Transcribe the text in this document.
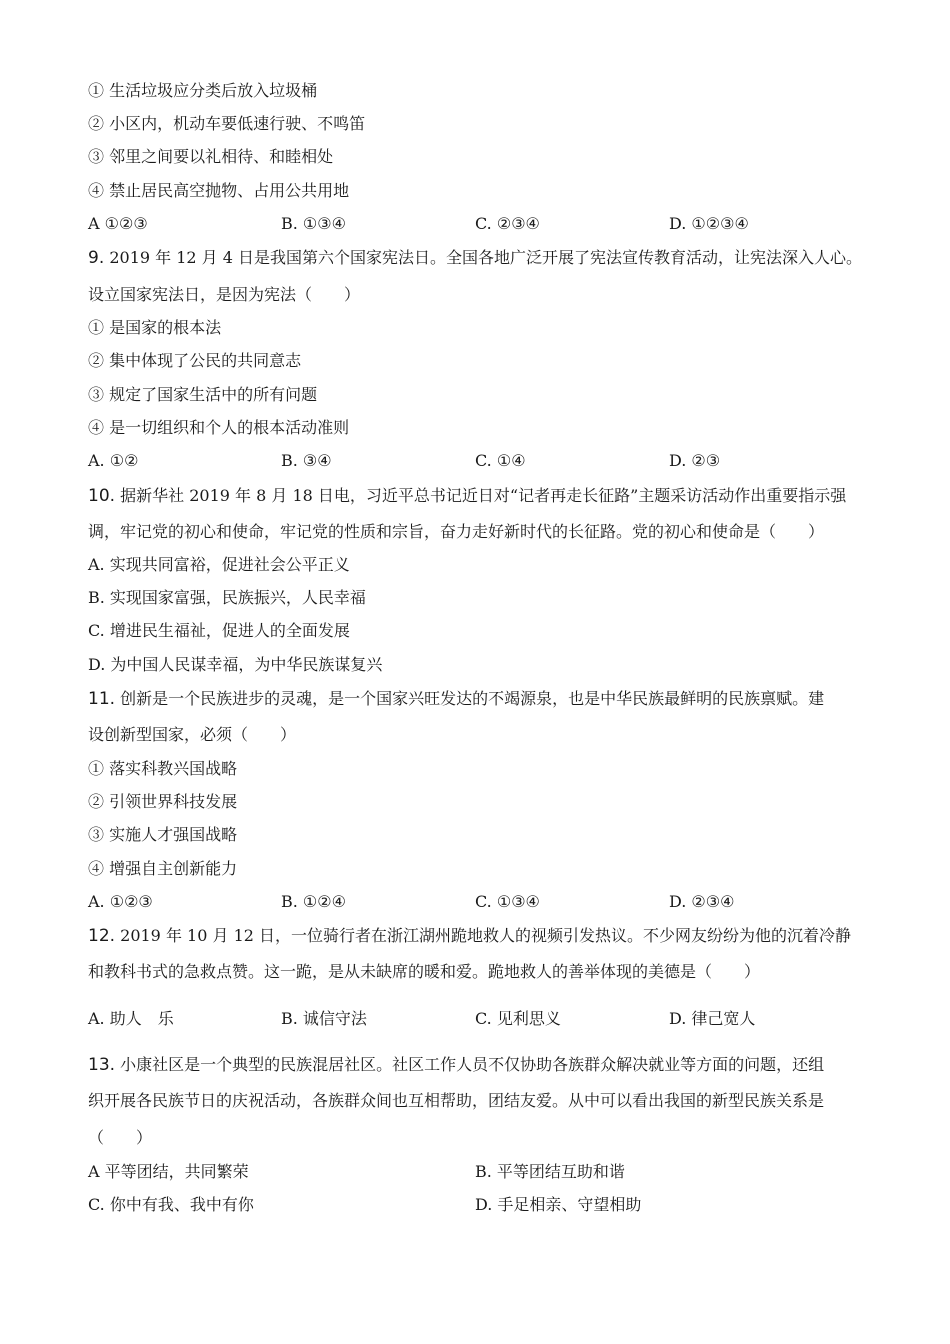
① 生活垃圾应分类后放入垃圾桶
② 小区内，机动车要低速行驶、不鸣笛
③ 邻里之间要以礼相待、和睦相处
④ 禁止居民高空抛物、占用公共用地
A ①②③	B. ①③④	C. ②③④	D. ①②③④
9. 2019 年 12 月 4 日是我国第六个国家宪法日。全国各地广泛开展了宪法宣传教育活动，让宪法深入人心。
设立国家宪法日，是因为宪法（　　）
① 是国家的根本法
② 集中体现了公民的共同意志
③ 规定了国家生活中的所有问题
④ 是一切组织和个人的根本活动准则
A. ①②	B. ③④	C. ①④	D. ②③
10. 据新华社 2019 年 8 月 18 日电，习近平总书记近日对“记者再走长征路”主题采访活动作出重要指示强
调，牢记党的初心和使命，牢记党的性质和宗旨，奋力走好新时代的长征路。党的初心和使命是（　　）
A. 实现共同富裕，促进社会公平正义
B. 实现国家富强，民族振兴，人民幸福
C. 增进民生福祉，促进人的全面发展
D. 为中国人民谋幸福，为中华民族谋复兴
11. 创新是一个民族进步的灵魂，是一个国家兴旺发达的不竭源泉，也是中华民族最鲜明的民族禀赋。建
设创新型国家，必须（　　）
① 落实科教兴国战略
② 引领世界科技发展
③ 实施人才强国战略
④ 增强自主创新能力
A. ①②③	B. ①②④	C. ①③④	D. ②③④
12. 2019 年 10 月 12 日，一位骑行者在浙江湖州跪地救人的视频引发热议。不少网友纷纷为他的沉着冷静
和教科书式的急救点赞。这一跪，是从未缺席的暖和爱。跪地救人的善举体现的美德是（　　）
A. 助人　乐	B. 诚信守法	C. 见利思义	D. 律己宽人
13. 小康社区是一个典型的民族混居社区。社区工作人员不仅协助各族群众解决就业等方面的问题，还组
织开展各民族节日的庆祝活动，各族群众间也互相帮助，团结友爱。从中可以看出我国的新型民族关系是
（　　）
A 平等团结，共同繁荣	B. 平等团结互助和谐
C. 你中有我、我中有你	D. 手足相亲、守望相助
